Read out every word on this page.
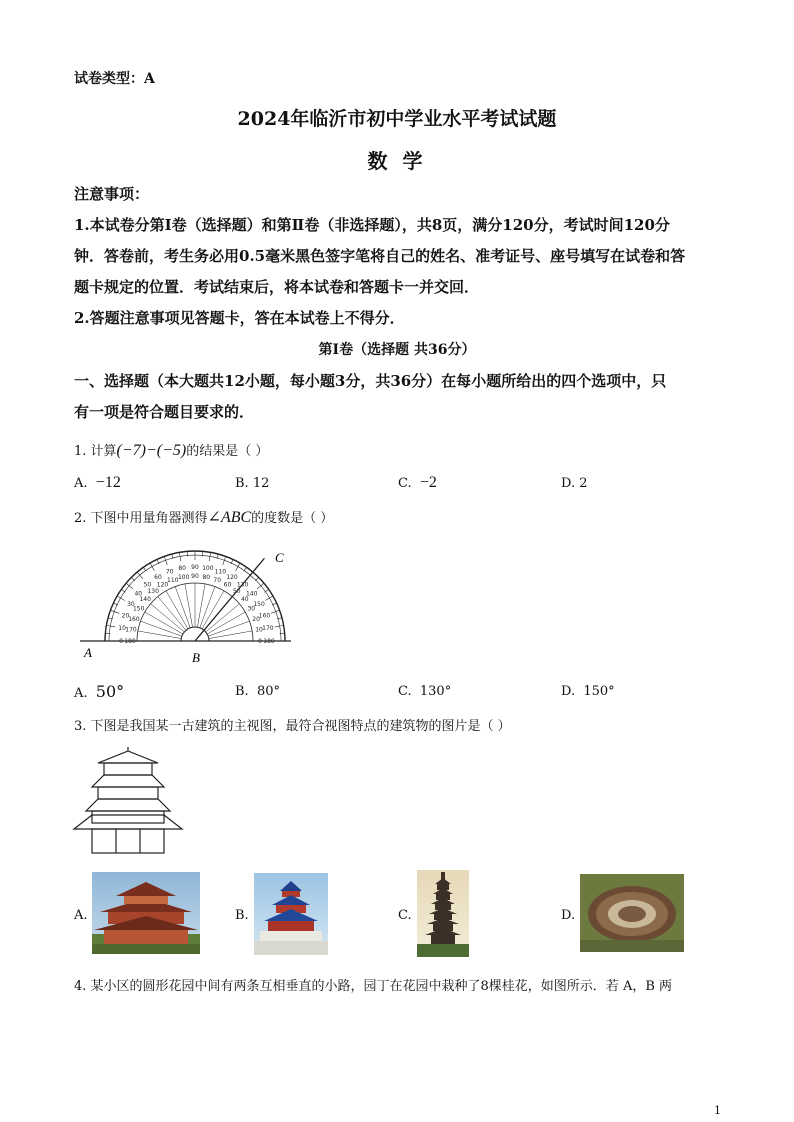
试卷类型：A
2024年临沂市初中学业水平考试试题
数 学
注意事项：
1.本试卷分第Ⅰ卷（选择题）和第Ⅱ卷（非选择题），共8页，满分120分，考试时间120分
钟．答卷前，考生务必用0.5毫米黑色签字笔将自己的姓名、准考证号、座号填写在试卷和答
题卡规定的位置．考试结束后，将本试卷和答题卡一并交回．
2.答题注意事项见答题卡，答在本试卷上不得分．
第Ⅰ卷（选择题 共36分）
一、选择题（本大题共12小题，每小题3分，共36分）在每小题所给出的四个选项中，只
有一项是符合题目要求的．
1. 计算(−7)−(−5)的结果是（ ）
A. −12	B. 12	C. −2	D. 2
2. 下图中用量角器测得∠ABC的度数是（ ）
180
0
170
10
160
20
150
30
140
40
130
50
120
60
110
70
100
80
90
90
80
100
70
110
60
120
50
130
40
140
30
150
20
160
10 170
0 180
A	B
C
A. 50°	B. 80°	C. 130°	D. 150°
3. 下图是我国某一古建筑的主视图，最符合视图特点的建筑物的图片是（ ）
A.	B.	C.	D.
4. 某小区的圆形花园中间有两条互相垂直的小路，园丁在花园中栽种了8棵桂花，如图所示．若 A，B 两
1
